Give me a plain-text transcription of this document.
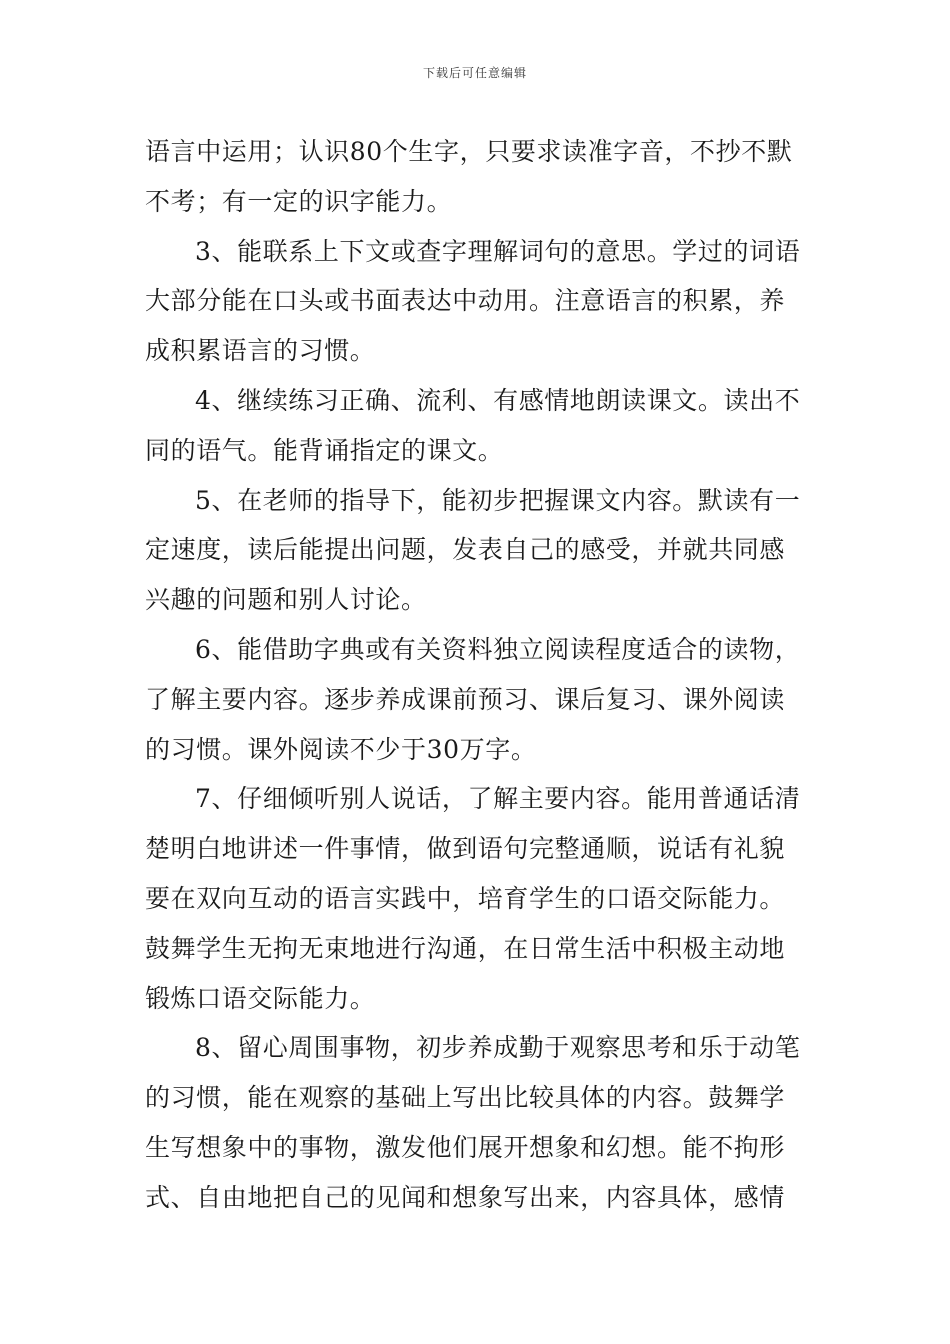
下载后可任意编辑
语言中运用；认识80个生字，只要求读准字音，不抄不默
不考；有一定的识字能力。
3、能联系上下文或查字理解词句的意思。学过的词语
大部分能在口头或书面表达中动用。注意语言的积累，养
成积累语言的习惯。
4、继续练习正确、流利、有感情地朗读课文。读出不
同的语气。能背诵指定的课文。
5、在老师的指导下，能初步把握课文内容。默读有一
定速度，读后能提出问题，发表自己的感受，并就共同感
兴趣的问题和别人讨论。
6、能借助字典或有关资料独立阅读程度适合的读物，
了解主要内容。逐步养成课前预习、课后复习、课外阅读
的习惯。课外阅读不少于30万字。
7、仔细倾听别人说话，了解主要内容。能用普通话清
楚明白地讲述一件事情，做到语句完整通顺，说话有礼貌
要在双向互动的语言实践中，培育学生的口语交际能力。
鼓舞学生无拘无束地进行沟通，在日常生活中积极主动地
锻炼口语交际能力。
8、留心周围事物，初步养成勤于观察思考和乐于动笔
的习惯，能在观察的基础上写出比较具体的内容。鼓舞学
生写想象中的事物，激发他们展开想象和幻想。能不拘形
式、自由地把自己的见闻和想象写出来，内容具体，感情
